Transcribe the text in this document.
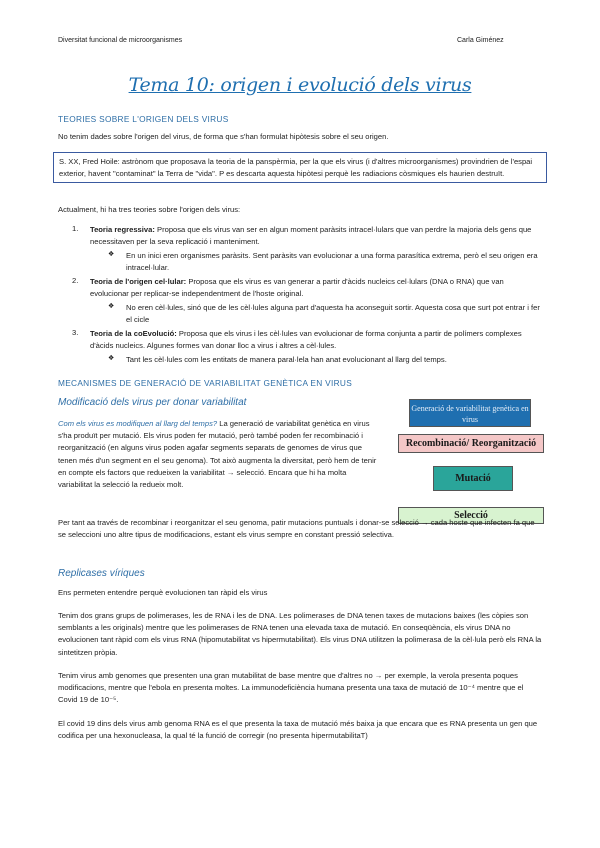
Diversitat funcional de microorganismes	Carla Giménez
Tema 10: origen i evolució dels virus
TEORIES SOBRE L'ORIGEN DELS VIRUS
No tenim dades sobre l'origen del virus, de forma que s'han formulat hipòtesis sobre el seu origen.
S. XX, Fred Hoile: astrònom que proposava la teoria de la panspèrmia, per la que els virus (i d'altres microorganismes) provindrien de l'espai exterior, havent "contaminat" la Terra de "vida". P es descarta aquesta hipòtesi perquè les radiacions còsmiques els haurien destruït.
Actualment, hi ha tres teories sobre l'origen dels virus:
1. Teoria regressiva: Proposa que els virus van ser en algun moment paràsits intracel·lulars que van perdre la majoria dels gens que necessitaven per la seva replicació i manteniment.
❖ En un inici eren organismes paràsits. Sent paràsits van evolucionar a una forma parasítica extrema, però el seu origen era intracel·lular.
2. Teoria de l'origen cel·lular: Proposa que els virus es van generar a partir d'àcids nucleics cel·lulars (DNA o RNA) que van evolucionar per replicar-se independentment de l'hoste original.
❖ No eren cèl·lules, sinó que de les cèl·lules alguna part d'aquesta ha aconseguit sortir. Aquesta cosa que surt pot entrar i fer el cicle
3. Teoria de la coEvolució: Proposa que els virus i les cèl·lules van evolucionar de forma conjunta a partir de polímers complexes d'àcids nucleics. Algunes formes van donar lloc a virus i altres a cèl·lules.
❖ Tant les cèl·lules com les entitats de manera paral·lela han anat evolucionant al llarg del temps.
MECANISMES DE GENERACIÓ DE VARIABILITAT GENÈTICA EN VIRUS
Modificació dels virus per donar variabilitat
Com els virus es modifiquen al llarg del temps? La generació de variabilitat genètica en virus s'ha produït per mutació. Els virus poden fer mutació, però també poden fer recombinació i reorganització (en alguns virus poden agafar segments separats de genomes de virus que tenen més d'un segment en el seu genoma). Tot això augmenta la diversitat, però hem de tenir en compte els factors que redueixen la variabilitat → selecció. Encara que hi ha molta variabilitat la selecció la redueix molt.
Generació de variabilitat genètica en virus
Recombinació/ Reorganització
Mutació
Selecció
Per tant aa través de recombinar i reorganitzar el seu genoma, patir mutacions puntuals i donar-se selecció → cada hoste que infecten fa que se seleccioni uno altre tipus de modificacions, estant els virus sempre en constant pressió selectiva.
Replicases víriques
Ens permeten entendre perquè evolucionen tan ràpid els virus
Tenim dos grans grups de polimerases, les de RNA i les de DNA. Les polimerases de DNA tenen taxes de mutacions baixes (les còpies son semblants a les originals) mentre que les polimerases de RNA tenen una elevada taxa de mutació. En conseqüència, els virus DNA no evolucionen tant ràpid com els virus RNA (hipomutabilitat vs hipermutabilitat). Els virus DNA utilitzen la polimerasa de la cèl·lula però els RNA la sintetitzen pròpia.
Tenim virus amb genomes que presenten una gran mutabilitat de base mentre que d'altres no → per exemple, la verola presenta poques modificacions, mentre que l'ebola en presenta moltes. La immunodeficiència humana presenta una taxa de mutació de 10⁻⁴ mentre que el Covid 19 de 10⁻⁵.
El covid 19 dins dels virus amb genoma RNA es el que presenta la taxa de mutació més baixa ja que encara que es RNA presenta un gen que codifica per una hexonucleasa, la qual té la funció de corregir (no presenta hipermutabilitaT)
